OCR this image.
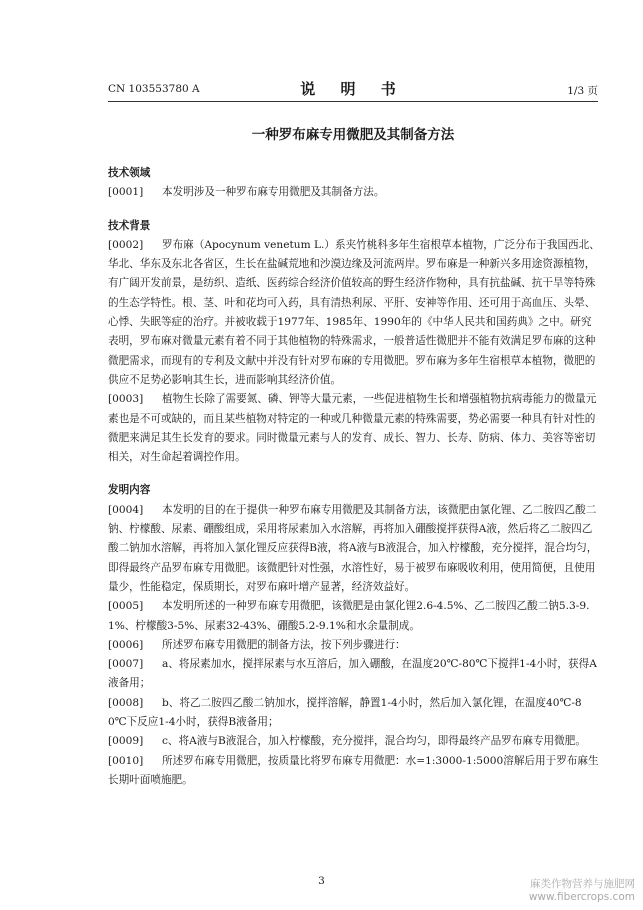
CN 103553780 A	说 明 书	1/3 页
一种罗布麻专用微肥及其制备方法
技术领域

[0001] 本发明涉及一种罗布麻专用微肥及其制备方法。

技术背景

[0002] 罗布麻（Apocynum venetum L.）系夹竹桃科多年生宿根草本植物，广泛分布于我国西北、华北、华东及东北各省区，生长在盐碱荒地和沙漠边缘及河流两岸。罗布麻是一种新兴多用途资源植物，有广阔开发前景，是纺织、造纸、医药综合经济价值较高的野生经济作物种，具有抗盐碱、抗干旱等特殊的生态学特性。根、茎、叶和花均可入药，具有清热利尿、平肝、安神等作用、还可用于高血压、头晕、心悸、失眠等症的治疗。并被收载于1977年、1985年、1990年的《中华人民共和国药典》之中。研究表明，罗布麻对微量元素有着不同于其他植物的特殊需求，一般普适性微肥并不能有效满足罗布麻的这种微肥需求，而现有的专利及文献中并没有针对罗布麻的专用微肥。罗布麻为多年生宿根草本植物，微肥的供应不足势必影响其生长，进而影响其经济价值。

[0003] 植物生长除了需要氮、磷、钾等大量元素，一些促进植物生长和增强植物抗病毒能力的微量元素也是不可或缺的，而且某些植物对特定的一种或几种微量元素的特殊需要，势必需要一种具有针对性的微肥来满足其生长发育的要求。同时微量元素与人的发育、成长、智力、长寿、防病、体力、美容等密切相关，对生命起着调控作用。

发明内容

[0004] 本发明的目的在于提供一种罗布麻专用微肥及其制备方法，该微肥由氯化锂、乙二胺四乙酸二钠、柠檬酸、尿素、硼酸组成，采用将尿素加入水溶解，再将加入硼酸搅拌获得A液，然后将乙二胺四乙酸二钠加水溶解，再将加入氯化锂反应获得B液，将A液与B液混合，加入柠檬酸，充分搅拌，混合均匀，即得最终产品罗布麻专用微肥。该微肥针对性强，水溶性好，易于被罗布麻吸收利用，使用简便，且使用量少，性能稳定，保质期长，对罗布麻叶增产显著，经济效益好。

[0005] 本发明所述的一种罗布麻专用微肥，该微肥是由氯化锂2.6-4.5%、乙二胺四乙酸二钠5.3-9.1%、柠檬酸3-5%、尿素32-43%、硼酸5.2-9.1%和水余量制成。

[0006] 所述罗布麻专用微肥的制备方法，按下列步骤进行：

[0007] a、将尿素加水，搅拌尿素与水互溶后，加入硼酸，在温度20℃-80℃下搅拌1-4小时，获得A液备用；

[0008] b、将乙二胺四乙酸二钠加水，搅拌溶解，静置1-4小时，然后加入氯化锂，在温度40℃-80℃下反应1-4小时，获得B液备用；

[0009] c、将A液与B液混合，加入柠檬酸，充分搅拌，混合均匀，即得最终产品罗布麻专用微肥。

[0010] 所述罗布麻专用微肥，按质量比将罗布麻专用微肥：水=1:3000-1:5000溶解后用于罗布麻生长期叶面喷施肥。

3	麻类作物营养与施肥网
www.fibercrops.com
